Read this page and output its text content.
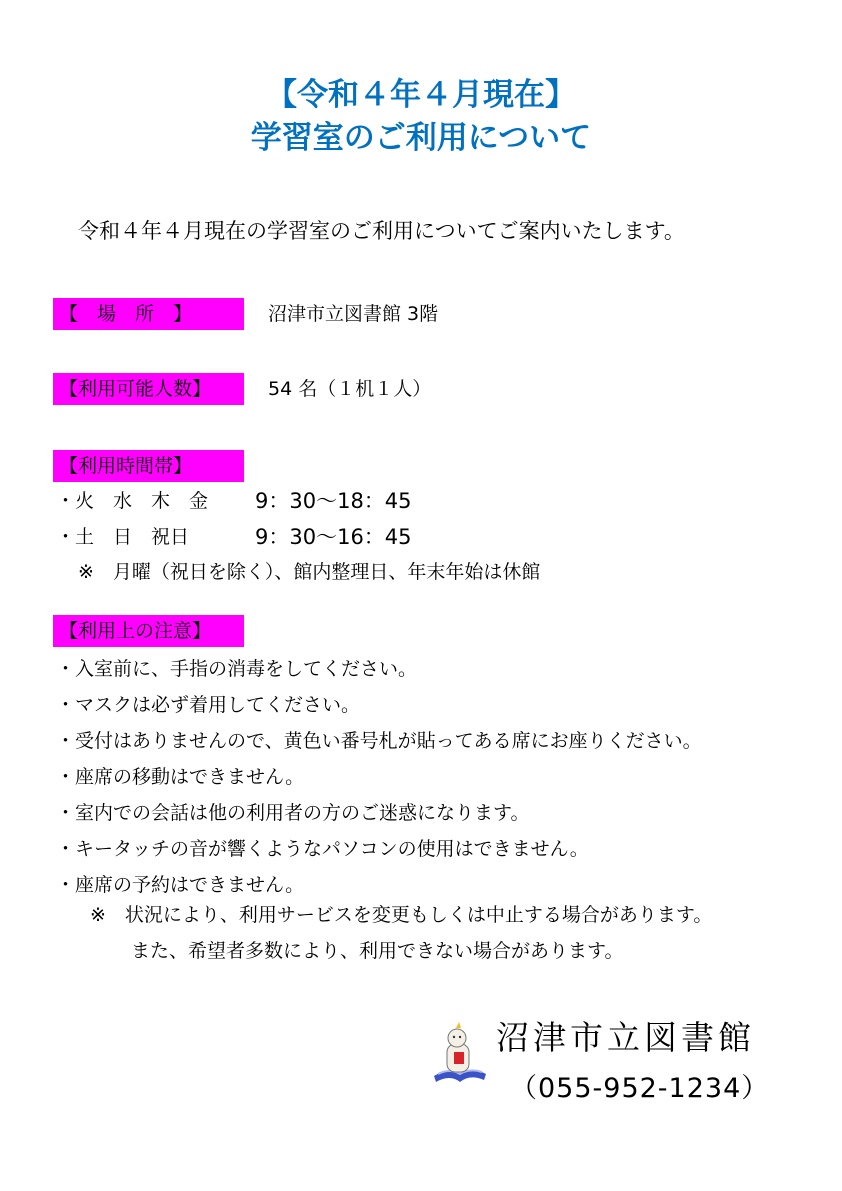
【令和４年４月現在】
学習室のご利用について
令和４年４月現在の学習室のご利用についてご案内いたします。
【　場　所　】	沼津市立図書館 3階
【利用可能人数】	54 名（１机１人）
【利用時間帯】
・火　水　木　金 9：30～18：45
・土　日　祝日	9：30～16：45
※　月曜（祝日を除く）、館内整理日、年末年始は休館
【利用上の注意】
・入室前に、手指の消毒をしてください。
・マスクは必ず着用してください。
・受付はありませんので、黄色い番号札が貼ってある席にお座りください。
・座席の移動はできません。
・室内での会話は他の利用者の方のご迷惑になります。
・キータッチの音が響くようなパソコンの使用はできません。
・座席の予約はできません。
※　状況により、利用サービスを変更もしくは中止する場合があります。
また、希望者多数により、利用できない場合があります。
沼津市立図書館
（055-952-1234）
